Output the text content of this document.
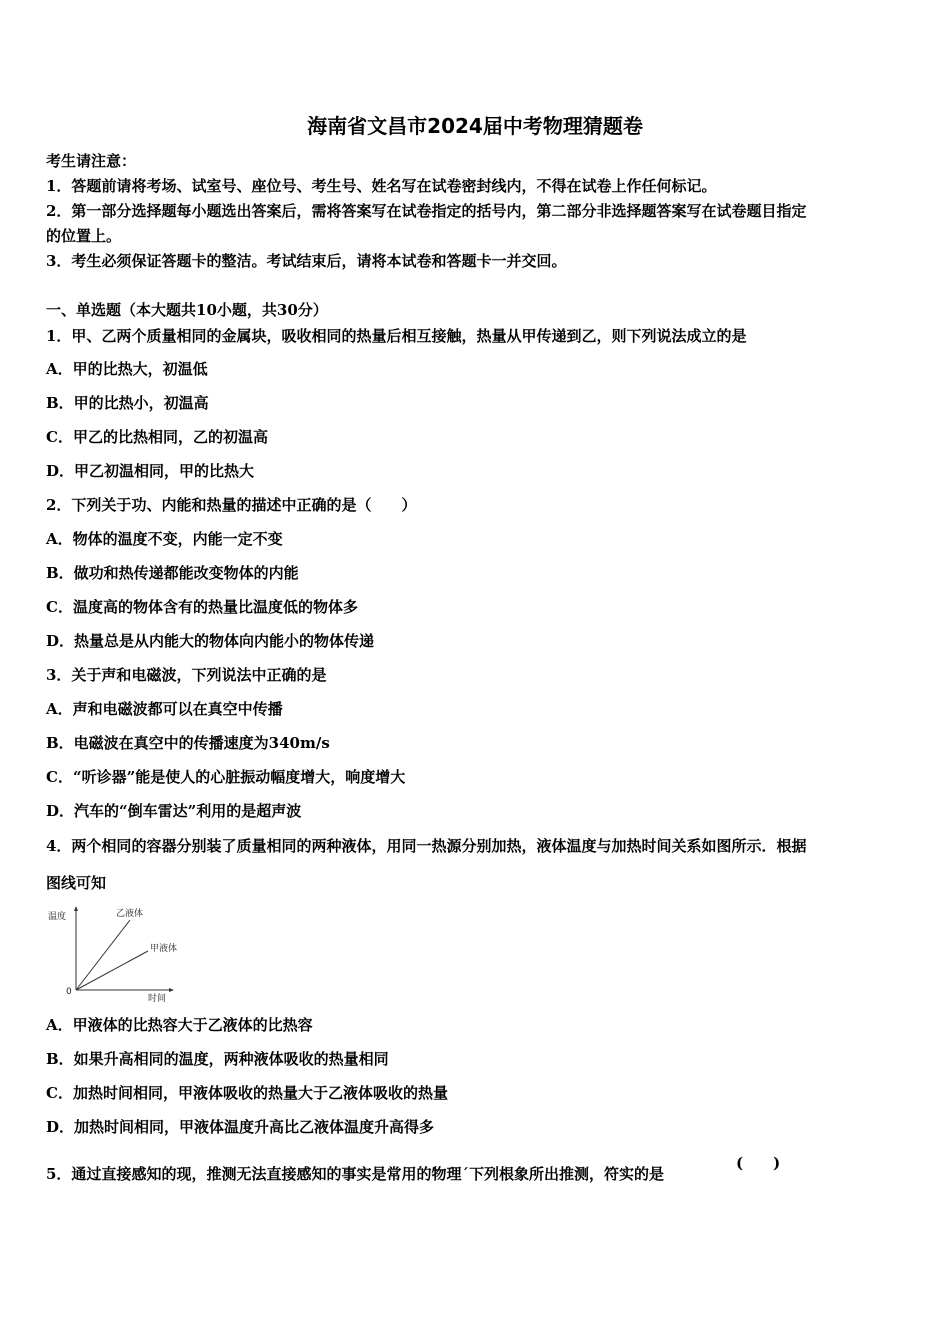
海南省文昌市2024届中考物理猜题卷
考生请注意：
1．答题前请将考场、试室号、座位号、考生号、姓名写在试卷密封线内，不得在试卷上作任何标记。
2．第一部分选择题每小题选出答案后，需将答案写在试卷指定的括号内，第二部分非选择题答案写在试卷题目指定
的位置上。
3．考生必须保证答题卡的整洁。考试结束后，请将本试卷和答题卡一并交回。
一、单选题（本大题共10小题，共30分）
1．甲、乙两个质量相同的金属块，吸收相同的热量后相互接触，热量从甲传递到乙，则下列说法成立的是
A．甲的比热大，初温低
B．甲的比热小，初温高
C．甲乙的比热相同，乙的初温高
D．甲乙初温相同，甲的比热大
2．下列关于功、内能和热量的描述中正确的是（　　）
A．物体的温度不变，内能一定不变
B．做功和热传递都能改变物体的内能
C．温度高的物体含有的热量比温度低的物体多
D．热量总是从内能大的物体向内能小的物体传递
3．关于声和电磁波，下列说法中正确的是
A．声和电磁波都可以在真空中传播
B．电磁波在真空中的传播速度为340m/s
C．“听诊器”能是使人的心脏振动幅度增大，响度增大
D．汽车的“倒车雷达”利用的是超声波
4．两个相同的容器分别装了质量相同的两种液体，用同一热源分别加热，液体温度与加热时间关系如图所示．根据
图线可知
温度
时间
0
乙液体
甲液体
A．甲液体的比热容大于乙液体的比热容
B．如果升高相同的温度，两种液体吸收的热量相同
C．加热时间相同，甲液体吸收的热量大于乙液体吸收的热量
D．加热时间相同，甲液体温度升高比乙液体温度升高得多
5．通过直接感知的现，推测无法直接感知的事实是常用的物理ˊ下列根象所出推测，符实的是
(　　)
